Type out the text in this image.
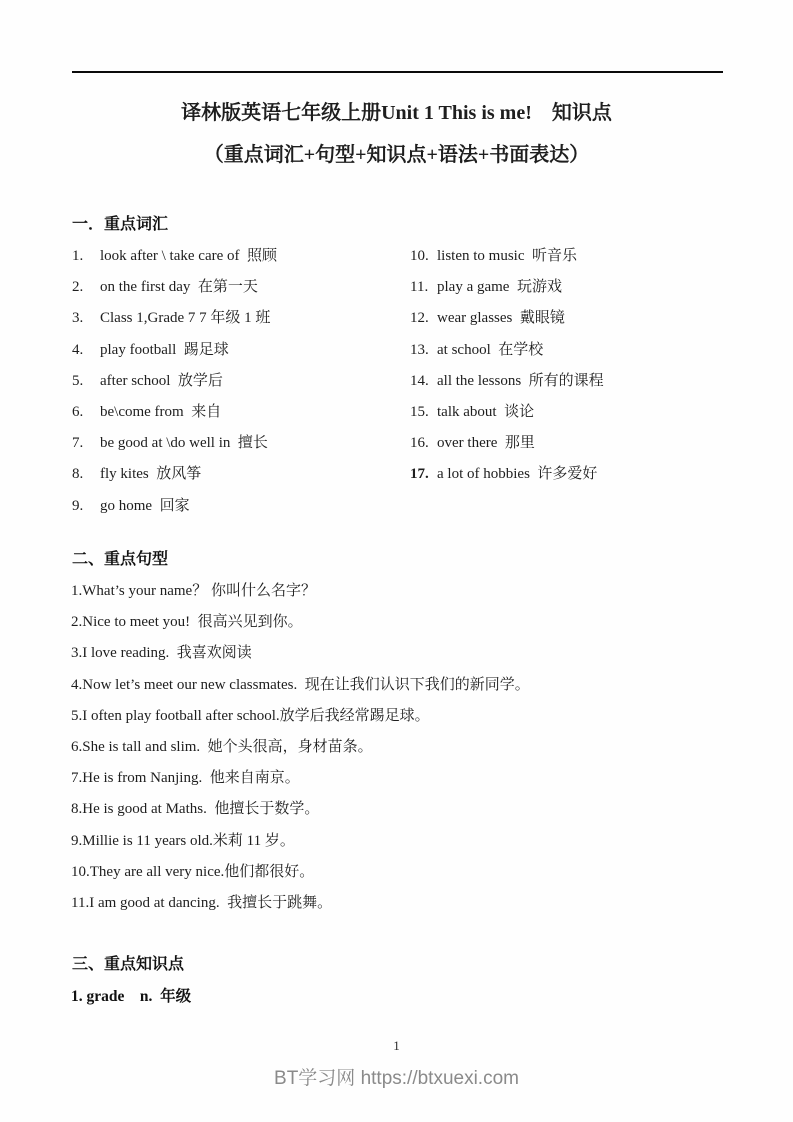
译林版英语七年级上册Unit 1 This is me!　知识点
（重点词汇+句型+知识点+语法+书面表达）
一．重点词汇
1.	look after \ take care of  照顾
2.	on the first day  在第一天
3.	Class 1,Grade 7 7 年级 1 班
4.	play football  踢足球
5.	after school  放学后
6.	be\come from  来自
7.	be good at \do well in  擅长
8.	fly kites  放风筝
9.	go home  回家
10. listen to music  听音乐
11. play a game  玩游戏
12. wear glasses  戴眼镜
13. at school  在学校
14. all the lessons  所有的课程
15. talk about  谈论
16. over there  那里
17. a lot of hobbies  许多爱好
二、重点句型

1.What’s your name？ 你叫什么名字？

2.Nice to meet you!  很高兴见到你。

3.I love reading.  我喜欢阅读

4.Now let’s meet our new classmates.  现在让我们认识下我们的新同学。

5.I often play football after school.放学后我经常踢足球。

6.She is tall and slim.  她个头很高，身材苗条。

7.He is from Nanjing.  他来自南京。

8.He is good at Maths.  他擅长于数学。

9.Millie is 11 years old.米莉 11 岁。

10.They are all very nice.他们都很好。

11.I am good at dancing.  我擅长于跳舞。

三、重点知识点
1. grade　n.  年级
1
BT学习网 https://btxuexi.com
